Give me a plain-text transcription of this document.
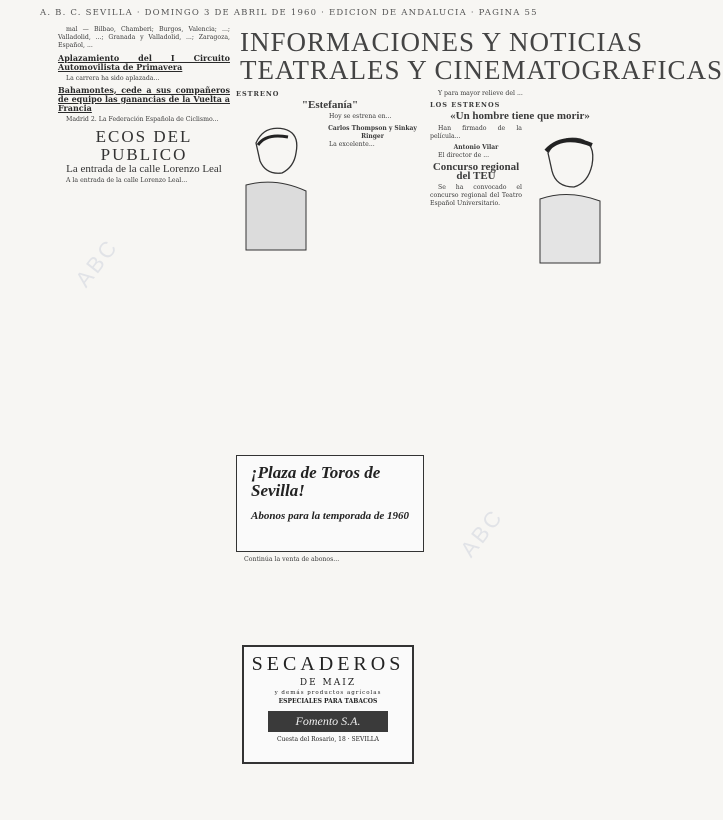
A. B. C. SEVILLA · DOMINGO 3 DE ABRIL DE 1960 · EDICION DE ANDALUCIA · PAGINA 55
INFORMACIONES Y NOTICIAS
TEATRALES Y CINEMATOGRAFICAS

mal — Bilbao, Chamberi; Burgos, Valencia; ...; Valladolid, ...; Granada y Valladolid, ...; Zaragoza, Español, ...

Aplazamiento del I Circuito Automovilista de Primavera

La carrera ha sido aplazada...

Bahamontes, cede a sus compañeros de equipo las ganancias de la Vuelta a Francia

Madrid 2. La Federación Española de Ciclismo...

ECOS DEL PUBLICO
La entrada de la calle Lorenzo Leal

A la entrada de la calle Lorenzo Leal...

ESTRENO
"Estefanía"

Hoy se estrena en...

Carlos Thompson y Sinkay Ringer

La excelente...

¡Plaza de Toros de Sevilla!
Abonos para la temporada de 1960

Continúa la venta de abonos...

SECADEROS
DE MAIZ
y demás productos agrícolas
ESPECIALES PARA TABACOS
Fomento S.A.
Cuesta del Rosario, 18 · SEVILLA

Y para mayor relieve del ...

LOS ESTRENOS
«Un hombre tiene que morir»

Han firmado de la película...

Antonio Vilar

El director de ...

Concurso regional del TEU

Se ha convocado el concurso regional del Teatro Español Universitario.

ABC
ABC
